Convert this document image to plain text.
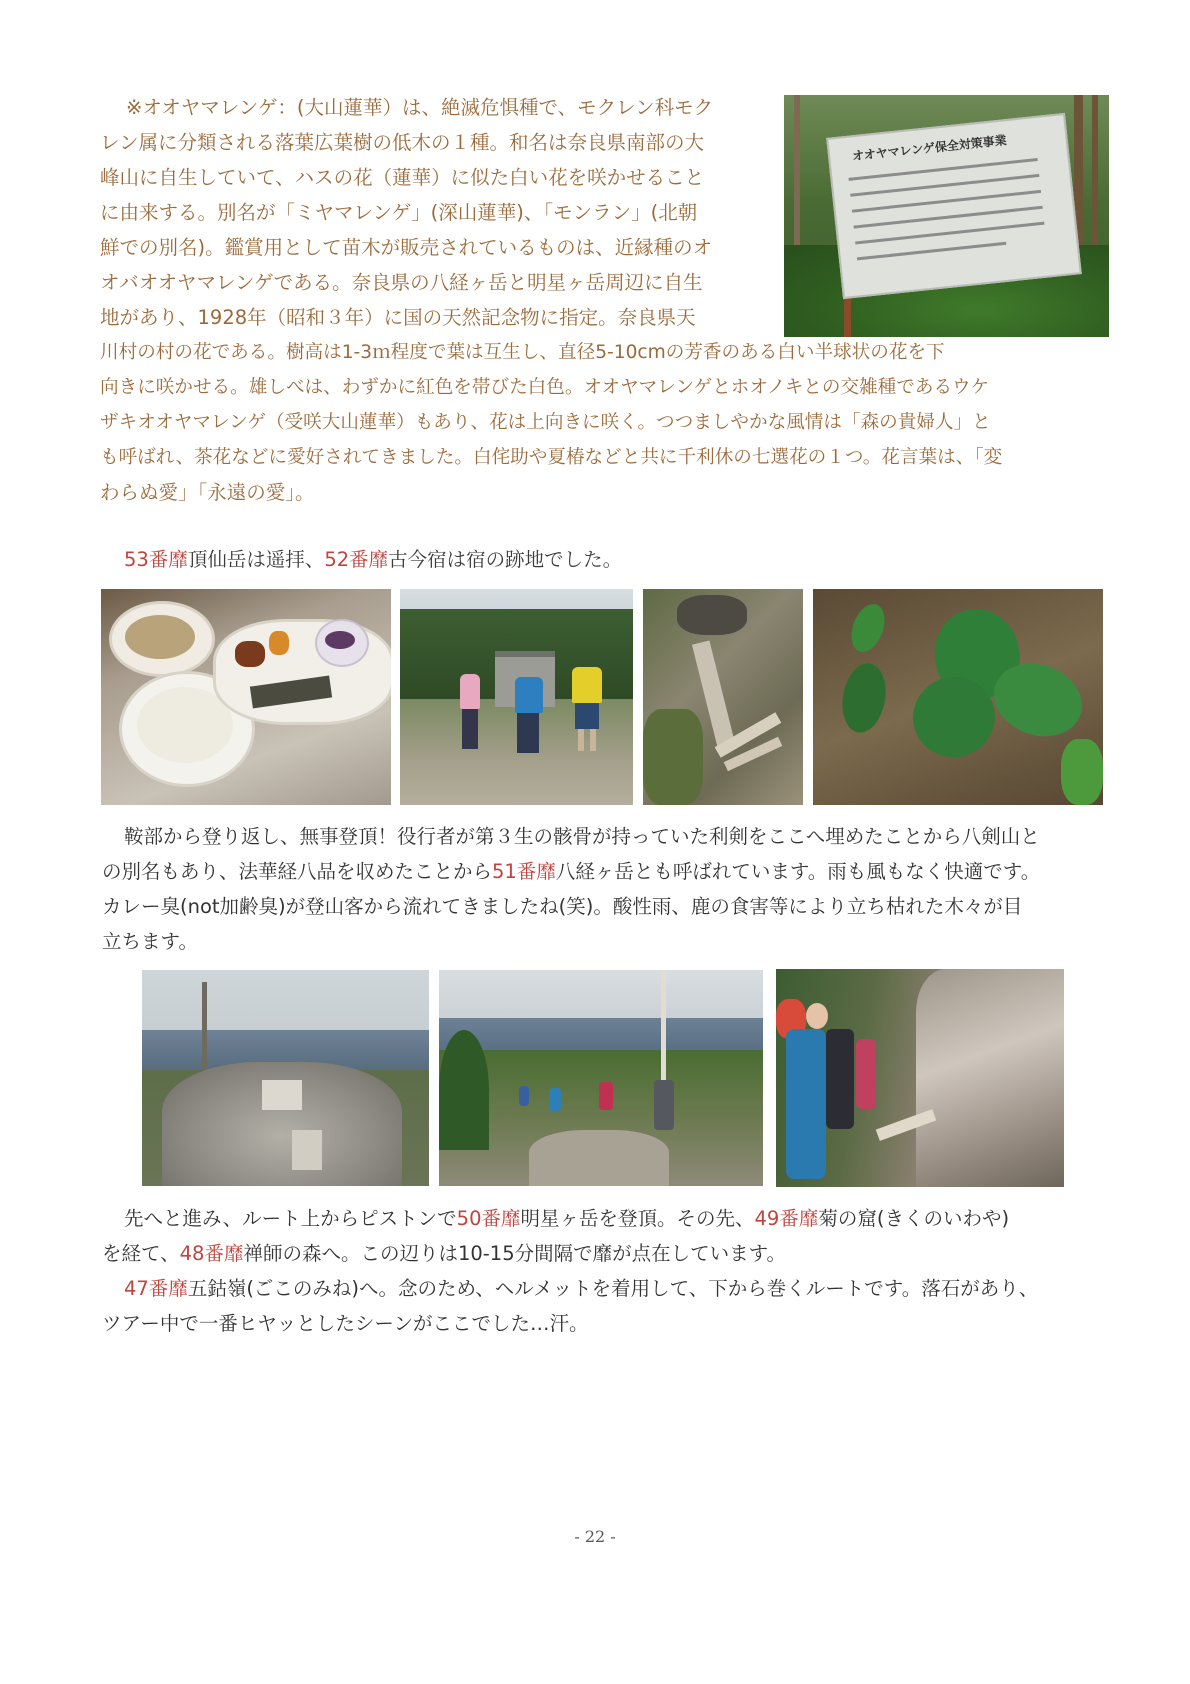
※オオヤマレンゲ：(大山蓮華）は、絶滅危惧種で、モクレン科モク
レン属に分類される落葉広葉樹の低木の１種。和名は奈良県南部の大
峰山に自生していて、ハスの花（蓮華）に似た白い花を咲かせること
に由来する。別名が「ミヤマレンゲ」(深山蓮華)、「モンラン」(北朝
鮮での別名)。鑑賞用として苗木が販売されているものは、近縁種のオ
オバオオヤマレンゲである。奈良県の八経ヶ岳と明星ヶ岳周辺に自生
地があり、1928年（昭和３年）に国の天然記念物に指定。奈良県天
川村の村の花である。樹高は1-3ｍ程度で葉は互生し、直径5-10cmの芳香のある白い半球状の花を下
向きに咲かせる。雄しべは、わずかに紅色を帯びた白色。オオヤマレンゲとホオノキとの交雑種であるウケ
ザキオオヤマレンゲ（受咲大山蓮華）もあり、花は上向きに咲く。つつましやかな風情は「森の貴婦人」と
も呼ばれ、茶花などに愛好されてきました。白侘助や夏椿などと共に千利休の七選花の１つ。花言葉は、「変
わらぬ愛」「永遠の愛」。
オオヤマレンゲ保全対策事業
53番靡頂仙岳は遥拝、52番靡古今宿は宿の跡地でした。
鞍部から登り返し、無事登頂！役行者が第３生の骸骨が持っていた利剣をここへ埋めたことから八剣山と
の別名もあり、法華経八品を収めたことから51番靡八経ヶ岳とも呼ばれています。雨も風もなく快適です。
カレー臭(not加齢臭)が登山客から流れてきましたね(笑)。酸性雨、鹿の食害等により立ち枯れた木々が目
立ちます。
先へと進み、ルート上からピストンで50番靡明星ヶ岳を登頂。その先、49番靡菊の窟(きくのいわや)
を経て、48番靡禅師の森へ。この辺りは10-15分間隔で靡が点在しています。
47番靡五鈷嶺(ごこのみね)へ。念のため、ヘルメットを着用して、下から巻くルートです。落石があり、
ツアー中で一番ヒヤッとしたシーンがここでした…汗。
- 22 -
